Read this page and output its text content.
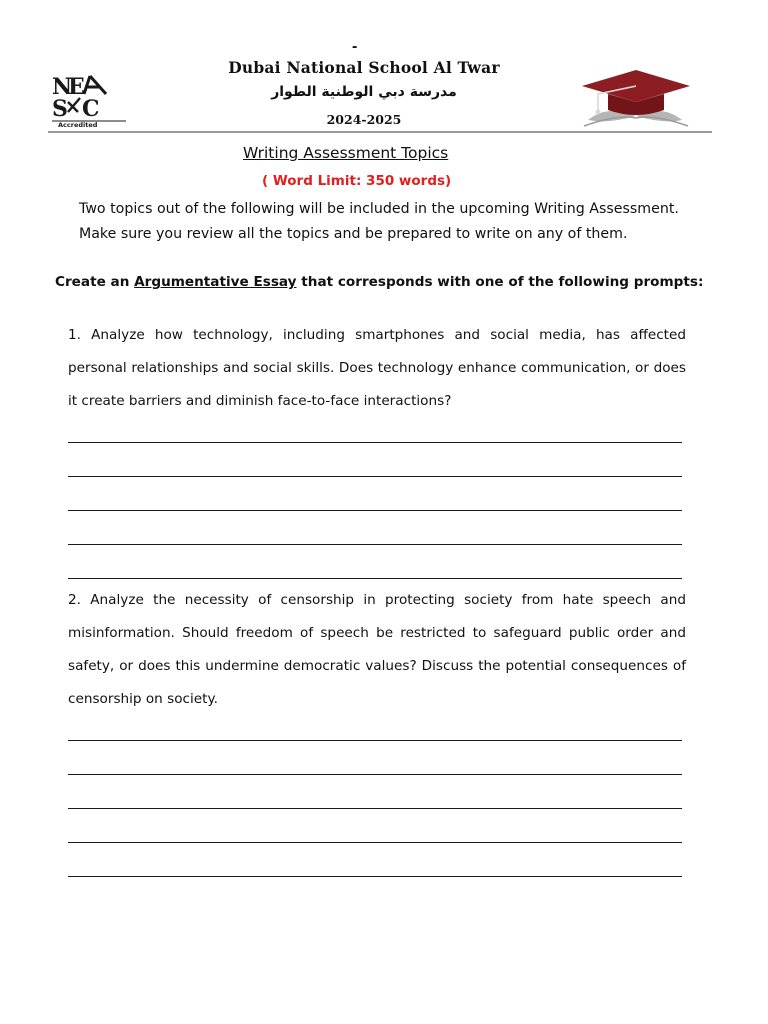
-
N
E
S C
Accredited
Dubai National School Al Twar
مدرسة دبي الوطنية الطوار
2024-2025
Writing Assessment Topics
( Word Limit: 350 words)

Two topics out of the following will be included in the upcoming Writing Assessment.

Make sure you review all the topics and be prepared to write on any of them.

Create an Argumentative Essay that corresponds with one of the following prompts:
1. Analyze how technology, including smartphones and social media, has affected personal relationships and social skills. Does technology enhance communication, or does it create barriers and diminish face-to-face interactions?
2. Analyze the necessity of censorship in protecting society from hate speech and misinformation. Should freedom of speech be restricted to safeguard public order and safety, or does this undermine democratic values? Discuss the potential consequences of censorship on society.
